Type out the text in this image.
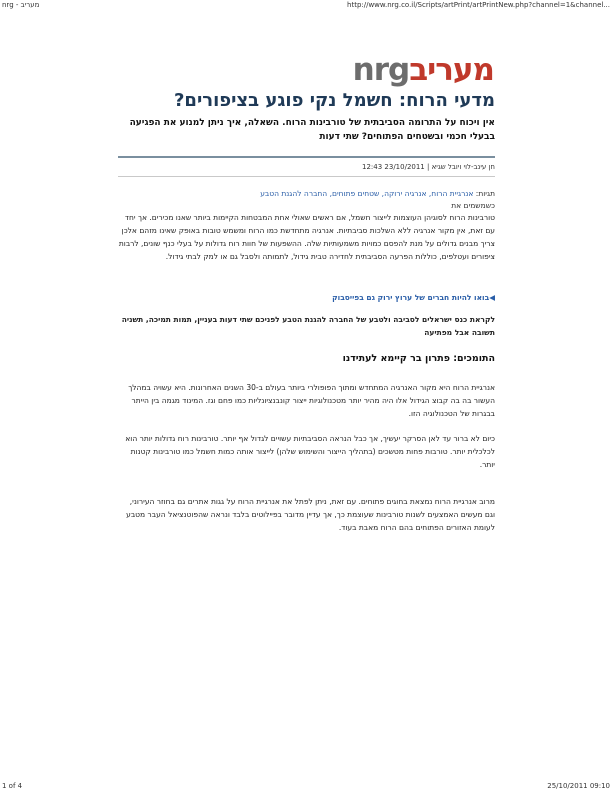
nrg - מעריב	http://www.nrg.co.il/Scripts/artPrint/artPrintNew.php?channel=1&channel...
nrgמעריב
מדעי הרוח: חשמל נקי פוגע בציפורים?
אין ויכוח על התרומה הסביבתית של טורבינות הרוח. השאלה, איך ניתן למנוע את הפגיעה בבעלי חכמי ובשטחים הפתוחים? שתי דעות
חן עינב-לוי ויובל שגיא | 23/10/2011 12:43
תגיות: אנרגיית הרוח, אנרגיה ירוקה, שטחים פתוחים, החברה להגנת הטבע
כשמשמים את
טורבינות הרוח לסוגיהן העוצמות לייצור חשמל, אם ראשים שאולי אחת המבטחות הקיימות ביותר שאנו מכירים. אך יחד עם זאת, אין מקור אנרגיה ללא השלכות סביבתיות. אנרגיה מתחדשת כמו הרוח ומשמש טובות באופק שאינו מזהם אלכן צריך מבנים גדולים על מנת להפסם כמויות משמעותיות שלה. ההשפעות של חוות רוח גדולות על בעלי כנף שונים, לרבות ציפורים ועטלפים, כוללות הפרעה הסביבתית לחדירה טבית גידול, לתמותה ולסבל גם או למק לבתי גידול.
◀בואו להיות חברים של ערוץ ירוק גם בפייסבוק
לקראת כנס ישראלים לסביבה ולטבע של החברה להגנת הטבע לפניכם שתי דעות בעניין, תמות תמיכה, תשניה תשובה אבל מפתיעה
התומכים: פתרון בר קיימא לעתידנו
אנרגיית הרוח היא מקור האנרגיה המתחדש ומתוך הפופולרי ביותר בעולם ב-30 השנים האחרונות. היא עשויה במהלך העשור בה בה קבוצ הגידול אלו היה מהיר יותר מטכנולוגיות ייצור קונבנציונליות כמו פחם וגז. המינוד מגמה בין הייתר בבגרות של הטכנולוגיה הזו.
כיום לא ברור עד לאן הסרקר יעשיך, אך כבל הנראה הסביבתיות עשויים לגדול אף יותר. טורבינות רוח גדולות יותר הוא לכלכלית יותר. טורבות פחות מטשכים (בתהליך הייצור והשימוש שלהן) לייצור אותה כמות חשמל כמו טורבינות קטנות יותר.
מרוב אנרגיית הרוח נמצאת בחוגים פתוחים. עם זאת, ניתן לפתל את אנרגיית הרוח על גגות אתרים גם בחוזר העירוני, וגם מעשים האמצעים לשנות טורבינות שעוצמת כך, אך עדיין מדובר בפיילוטים בלבד ונראה שהפוטנציאל העבר מטבע לעומת האזורים הפתוחים בהם הרוח מאבת בעוד.
1 of 4	25/10/2011 09:10
